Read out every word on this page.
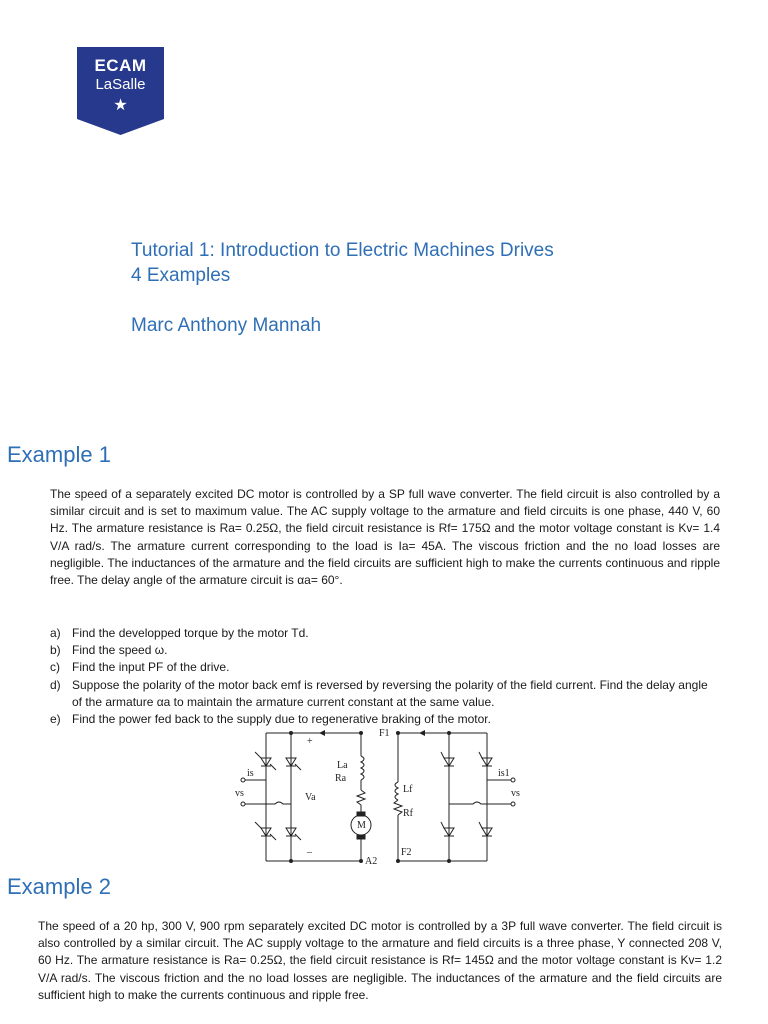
ECAM
LaSalle
★
Tutorial 1: Introduction to Electric Machines Drives
4 Examples
Marc Anthony Mannah
Example 1

The speed of a separately excited DC motor is controlled by a SP full wave converter. The field circuit is also controlled by a similar circuit and is set to maximum value. The AC supply voltage to the armature and field circuits is one phase, 440 V, 60 Hz. The armature resistance is Ra= 0.25Ω, the field circuit resistance is Rf= 175Ω and the motor voltage constant is Kv= 1.4 V/A rad/s. The armature current corresponding to the load is Ia= 45A. The viscous friction and the no load losses are negligible. The inductances of the armature and the field circuits are sufficient high to make the currents continuous and ripple free. The delay angle of the armature circuit is αa= 60°.

a) Find the developped torque by the motor Td.
b) Find the speed ω.
c) Find the input PF of the drive.
d) Suppose the polarity of the motor back emf is reversed by reversing the polarity of the field current. Find the delay angle of the armature αa to maintain the armature current constant at the same value.
e) Find the power fed back to the supply due to regenerative braking of the motor.
+
–
La
Ra
Va
M
A2
Lf
Rf
F1
F2
is
vs
is1
vs
Example 2

The speed of a 20 hp, 300 V, 900 rpm separately excited DC motor is controlled by a 3P full wave converter. The field circuit is also controlled by a similar circuit. The AC supply voltage to the armature and field circuits is a three phase, Y connected 208 V, 60 Hz. The armature resistance is Ra= 0.25Ω, the field circuit resistance is Rf= 145Ω and the motor voltage constant is Kv= 1.2 V/A rad/s. The viscous friction and the no load losses are negligible. The inductances of the armature and the field circuits are sufficient high to make the currents continuous and ripple free.
